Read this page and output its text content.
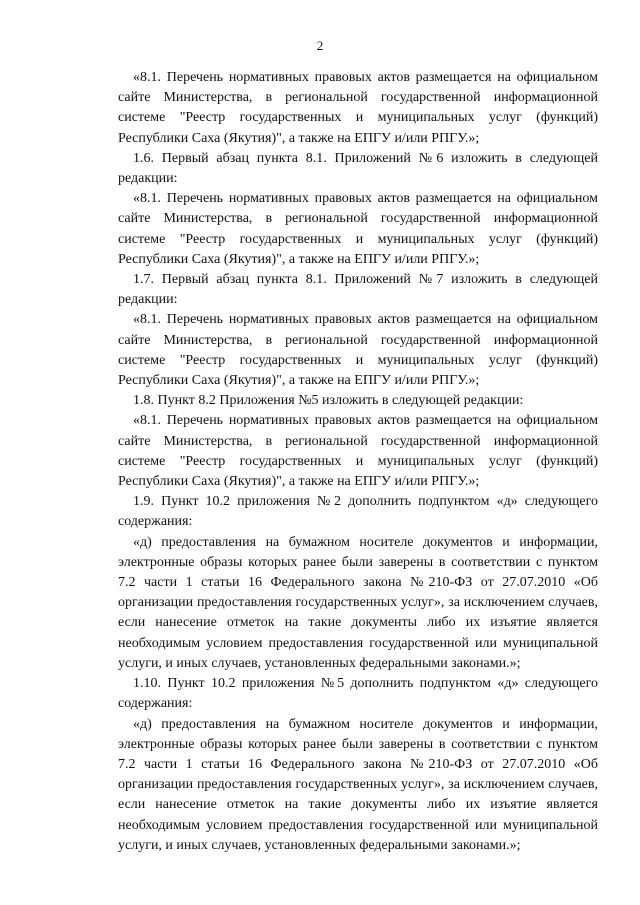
2

«8.1. Перечень нормативных правовых актов размещается на официальном сайте Министерства, в региональной государственной информационной системе "Реестр государственных и муниципальных услуг (функций) Республики Саха (Якутия)", а также на ЕПГУ и/или РПГУ.»;

1.6. Первый абзац пункта 8.1. Приложений №6 изложить в следующей редакции:

«8.1. Перечень нормативных правовых актов размещается на официальном сайте Министерства, в региональной государственной информационной системе "Реестр государственных и муниципальных услуг (функций) Республики Саха (Якутия)", а также на ЕПГУ и/или РПГУ.»;

1.7. Первый абзац пункта 8.1. Приложений №7 изложить в следующей редакции:

«8.1. Перечень нормативных правовых актов размещается на официальном сайте Министерства, в региональной государственной информационной системе "Реестр государственных и муниципальных услуг (функций) Республики Саха (Якутия)", а также на ЕПГУ и/или РПГУ.»;

1.8. Пункт 8.2 Приложения №5 изложить в следующей редакции:

«8.1. Перечень нормативных правовых актов размещается на официальном сайте Министерства, в региональной государственной информационной системе "Реестр государственных и муниципальных услуг (функций) Республики Саха (Якутия)", а также на ЕПГУ и/или РПГУ.»;

1.9. Пункт 10.2 приложения №2 дополнить подпунктом «д» следующего содержания:

«д) предоставления на бумажном носителе документов и информации, электронные образы которых ранее были заверены в соответствии с пунктом 7.2 части 1 статьи 16 Федерального закона №210-ФЗ от 27.07.2010 «Об организации предоставления государственных услуг», за исключением случаев, если нанесение отметок на такие документы либо их изъятие является необходимым условием предоставления государственной или муниципальной услуги, и иных случаев, установленных федеральными законами.»;

1.10. Пункт 10.2 приложения №5 дополнить подпунктом «д» следующего содержания:

«д) предоставления на бумажном носителе документов и информации, электронные образы которых ранее были заверены в соответствии с пунктом 7.2 части 1 статьи 16 Федерального закона №210-ФЗ от 27.07.2010 «Об организации предоставления государственных услуг», за исключением случаев, если нанесение отметок на такие документы либо их изъятие является необходимым условием предоставления государственной или муниципальной услуги, и иных случаев, установленных федеральными законами.»;
